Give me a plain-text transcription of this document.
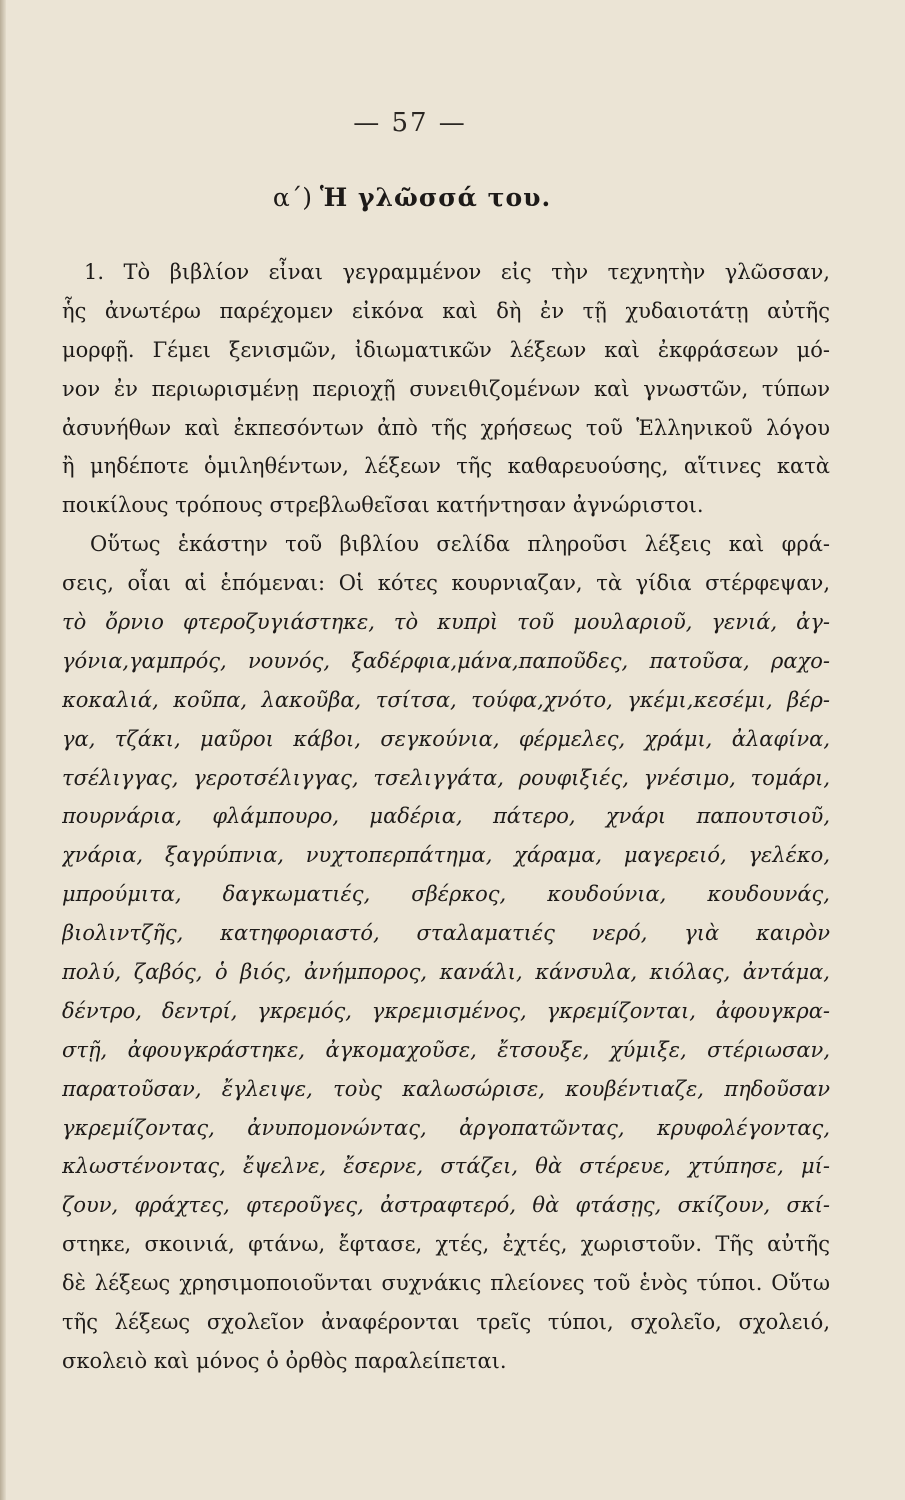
— 57 —
α΄) Ἡ γλῶσσά του.
1. Τὸ βιβλίον εἶναι γεγραμμένον εἰς τὴν τεχνητὴν γλῶσσαν,
ἧς ἀνωτέρω παρέχομεν εἰκόνα καὶ δὴ ἐν τῇ χυδαιοτάτῃ αὐτῆς
μορφῇ. Γέμει ξενισμῶν, ἰδιωματικῶν λέξεων καὶ ἐκφράσεων μό-
νον ἐν περιωρισμένῃ περιοχῇ συνειθιζομένων καὶ γνωστῶν, τύπων
ἀσυνήθων καὶ ἐκπεσόντων ἀπὸ τῆς χρήσεως τοῦ Ἑλληνικοῦ λόγου
ἢ μηδέποτε ὁμιληθέντων, λέξεων τῆς καθαρευούσης, αἵτινες κατὰ
ποικίλους τρόπους στρεβλωθεῖσαι κατήντησαν ἀγνώριστοι.
Οὕτως ἑκάστην τοῦ βιβλίου σελίδα πληροῦσι λέξεις καὶ φρά-
σεις, οἷαι αἱ ἑπόμεναι: Οἱ κότες κουρνιαζαν, τὰ γίδια στέρφεψαν,
τὸ ὄρνιο φτεροζυγιάστηκε, τὸ κυπρὶ τοῦ μουλαριοῦ, γενιά, ἀγ-
γόνια,γαμπρός, νουνός, ξαδέρφια,μάνα,παποῦδες, πατοῦσα, ραχο-
κοκαλιά, κοῦπα, λακοῦβα, τσίτσα, τούφα,χνότο, γκέμι,κεσέμι, βέρ-
γα, τζάκι, μαῦροι κάβοι, σεγκούνια, φέρμελες, χράμι, ἀλαφίνα,
τσέλιγγας, γεροτσέλιγγας, τσελιγγάτα, ρουφιξιές, γνέσιμο, τομάρι,
πουρνάρια, φλάμπουρο, μαδέρια, πάτερο, χνάρι παπουτσιοῦ,
χνάρια, ξαγρύπνια, νυχτοπερπάτημα, χάραμα, μαγερειό, γελέκο,
μπρούμιτα, δαγκωματιές, σβέρκος, κουδούνια, κουδουνάς,
βιολιντζῆς, κατηφοριαστό, σταλαματιές νερό, γιὰ καιρὸν
πολύ, ζαβός, ὁ βιός, ἀνήμπορος, κανάλι, κάνσυλα, κιόλας, ἀντάμα,
δέντρο, δεντρί, γκρεμός, γκρεμισμένος, γκρεμίζονται, ἀφουγκρα-
στῇ, ἀφουγκράστηκε, ἀγκομαχοῦσε, ἔτσουξε, χύμιξε, στέριωσαν,
παρατοῦσαν, ἔγλειψε, τοὺς καλωσώρισε, κουβέντιαζε, πηδοῦσαν
γκρεμίζοντας, ἀνυπομονώντας, ἀργοπατῶντας, κρυφολέγοντας,
κλωστένοντας, ἔψελνε, ἔσερνε, στάζει, θὰ στέρευε, χτύπησε, μί-
ζουν, φράχτες, φτεροῦγες, ἀστραφτερό, θὰ φτάσῃς, σκίζουν, σκί-
στηκε, σκοινιά, φτάνω, ἔφτασε, χτές, ἐχτές, χωριστοῦν. Τῆς αὐτῆς
δὲ λέξεως χρησιμοποιοῦνται συχνάκις πλείονες τοῦ ἑνὸς τύποι. Οὕτω
τῆς λέξεως σχολεῖον ἀναφέρονται τρεῖς τύποι, σχολεῖο, σχολειό,
σκολειὸ καὶ μόνος ὁ ὀρθὸς παραλείπεται.
